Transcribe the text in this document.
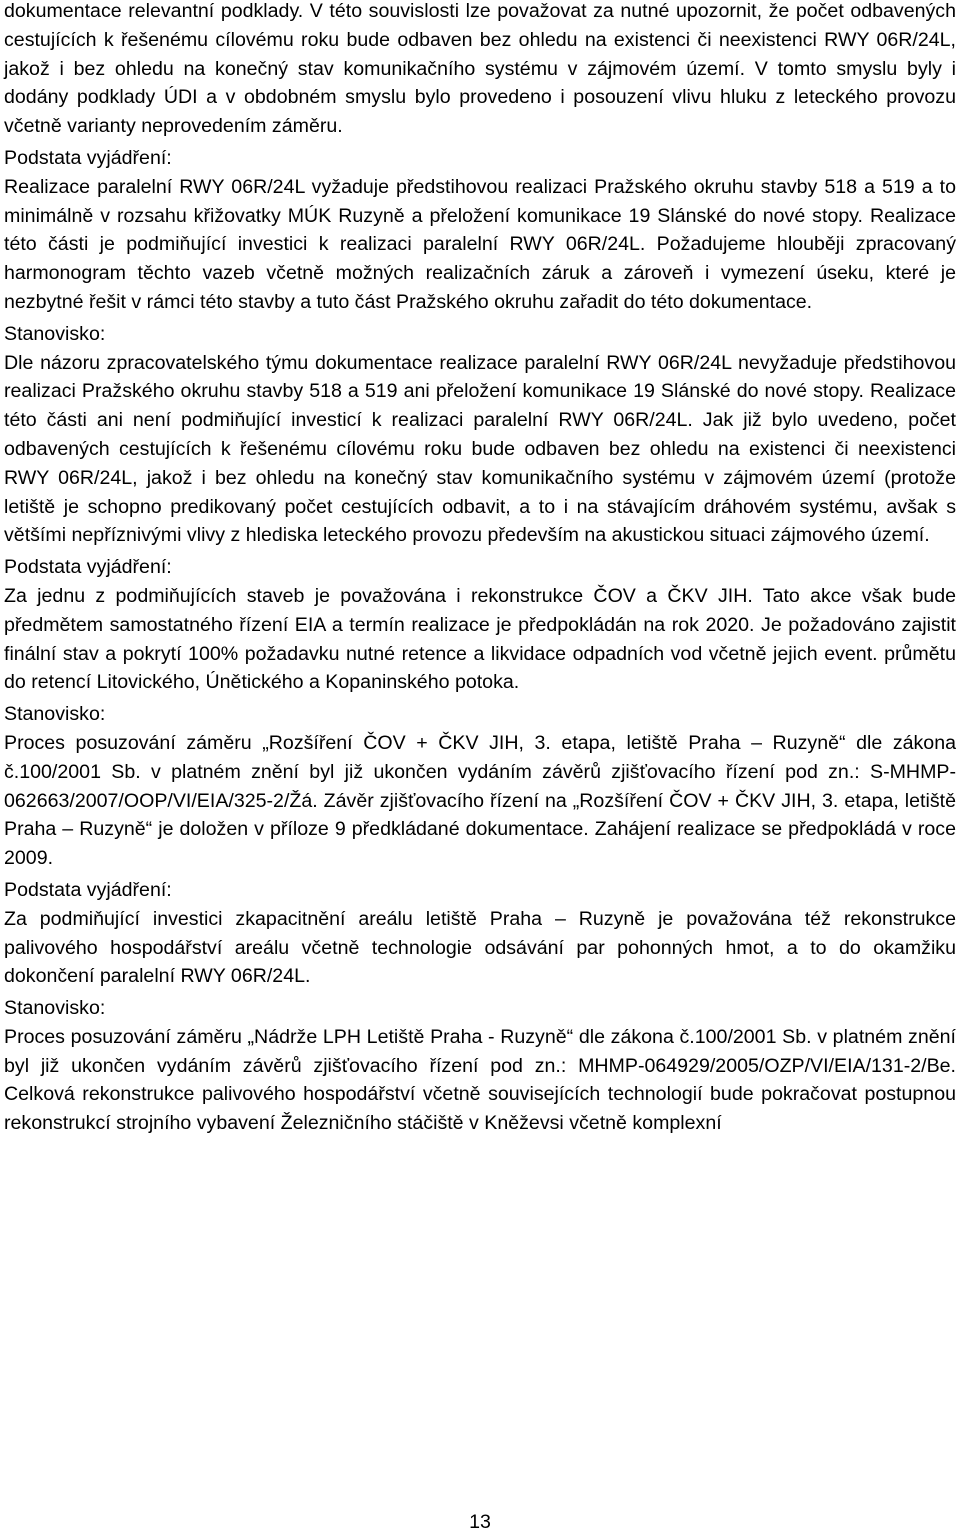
dokumentace relevantní podklady. V této souvislosti lze považovat za nutné upozornit, že počet odbavených cestujících k řešenému cílovému roku bude odbaven bez ohledu na existenci či neexistenci RWY 06R/24L, jakož i bez ohledu na konečný stav komunikačního systému v zájmovém území. V tomto smyslu byly i dodány podklady ÚDI a v obdobném smyslu bylo provedeno i posouzení vlivu hluku z leteckého provozu včetně varianty neprovedením záměru.

Podstata vyjádření:

Realizace paralelní RWY 06R/24L vyžaduje předstihovou realizaci Pražského okruhu stavby 518 a 519 a to minimálně v rozsahu křižovatky MÚK Ruzyně a přeložení komunikace 19 Slánské do nové stopy. Realizace této části je podmiňující investici k realizaci paralelní RWY 06R/24L. Požadujeme hlouběji zpracovaný harmonogram těchto vazeb včetně možných realizačních záruk a zároveň i vymezení úseku, které je nezbytné řešit v rámci této stavby a tuto část Pražského okruhu zařadit do této dokumentace.

Stanovisko:

Dle názoru zpracovatelského týmu dokumentace realizace paralelní RWY 06R/24L nevyžaduje předstihovou realizaci Pražského okruhu stavby 518 a 519 ani přeložení komunikace 19 Slánské do nové stopy. Realizace této části ani není podmiňující investicí k realizaci paralelní RWY 06R/24L. Jak již bylo uvedeno, počet odbavených cestujících k řešenému cílovému roku bude odbaven bez ohledu na existenci či neexistenci RWY 06R/24L, jakož i bez ohledu na konečný stav komunikačního systému v zájmovém území (protože letiště je schopno predikovaný počet cestujících odbavit, a to i na stávajícím dráhovém systému, avšak s většími nepříznivými vlivy z hlediska leteckého provozu především na akustickou situaci zájmového území.

Podstata vyjádření:

Za jednu z podmiňujících staveb je považována i rekonstrukce ČOV a ČKV JIH. Tato akce však bude předmětem samostatného řízení EIA a termín realizace je předpokládán na rok 2020. Je požadováno zajistit finální stav a pokrytí 100% požadavku nutné retence a likvidace odpadních vod včetně jejich event. průmětu do retencí Litovického, Únětického a Kopaninského potoka.

Stanovisko:

Proces posuzování záměru „Rozšíření ČOV + ČKV JIH, 3. etapa, letiště Praha – Ruzyně“ dle zákona č.100/2001 Sb. v platném znění byl již ukončen vydáním závěrů zjišťovacího řízení pod zn.: S-MHMP-062663/2007/OOP/VI/EIA/325-2/Žá. Závěr zjišťovacího řízení na „Rozšíření ČOV + ČKV JIH, 3. etapa, letiště Praha – Ruzyně“ je doložen v příloze 9 předkládané dokumentace. Zahájení realizace se předpokládá v roce 2009.

Podstata vyjádření:

Za podmiňující investici zkapacitnění areálu letiště Praha – Ruzyně je považována též rekonstrukce palivového hospodářství areálu včetně technologie odsávání par pohonných hmot, a to do okamžiku dokončení paralelní RWY 06R/24L.

Stanovisko:

Proces posuzování záměru „Nádrže LPH Letiště Praha - Ruzyně“ dle zákona č.100/2001 Sb. v platném znění byl již ukončen vydáním závěrů zjišťovacího řízení pod zn.: MHMP-064929/2005/OZP/VI/EIA/131-2/Be. Celková rekonstrukce palivového hospodářství včetně souvisejících technologií bude pokračovat postupnou rekonstrukcí strojního vybavení Železničního stáčiště v Kněževsi včetně komplexní

13
